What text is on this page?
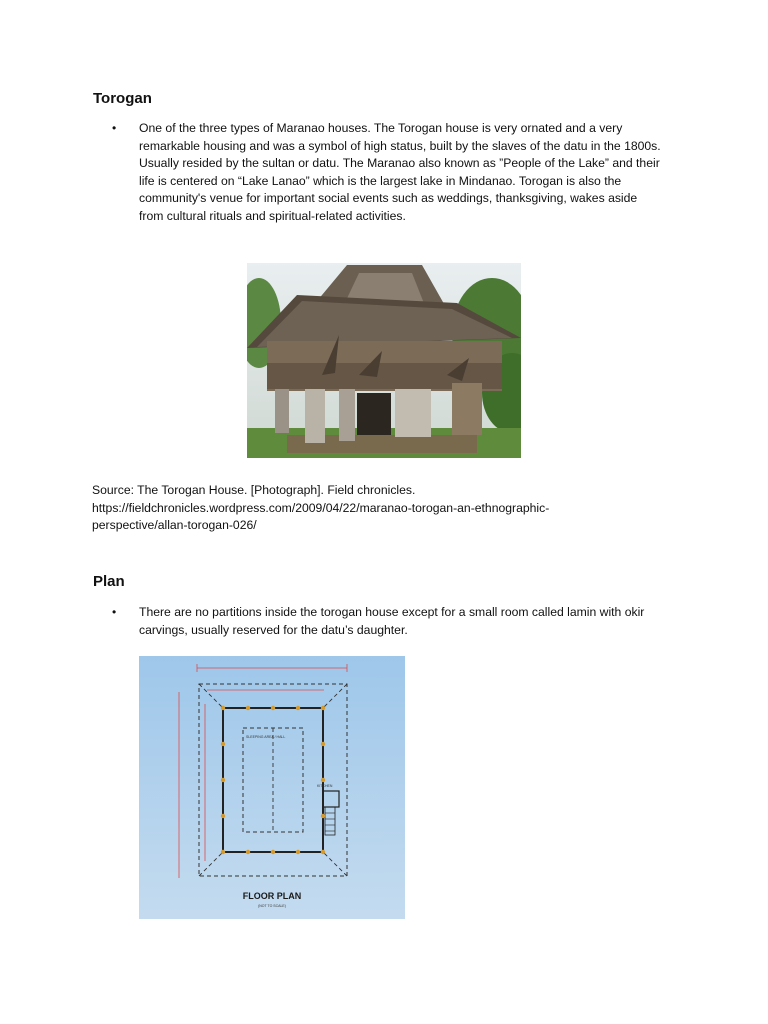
Torogan
• One of the three types of Maranao houses. The Torogan house is very ornated and a very remarkable housing and was a symbol of high status, built by the slaves of the datu in the 1800s. Usually resided by the sultan or datu. The Maranao also known as ”People of the Lake” and their life is centered on “Lake Lanao” which is the largest lake in Mindanao. Torogan is also the community's venue for important social events such as weddings, thanksgiving, wakes aside from cultural rituals and spiritual-related activities.

Source: The Torogan House. [Photograph]. Field chronicles.
https://fieldchronicles.wordpress.com/2009/04/22/maranao-torogan-an-ethnographic-
perspective/allan-torogan-026/

Plan
• There are no partitions inside the torogan house except for a small room called lamin with okir carvings, usually reserved for the datu’s daughter.

SLEEPING AREA / HALL
KITCHEN
FLOOR PLAN
(NOT TO SCALE)
